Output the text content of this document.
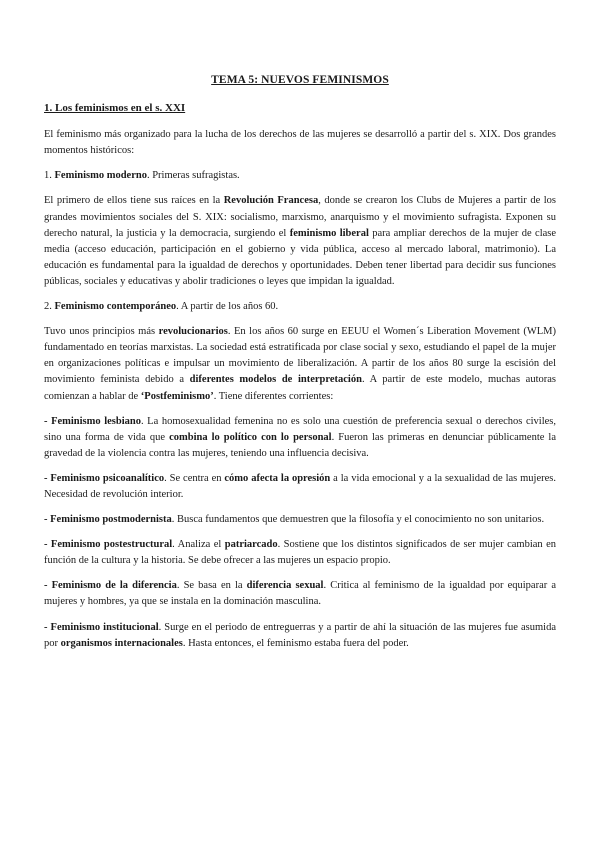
TEMA 5: NUEVOS FEMINISMOS
1. Los feminismos en el s. XXI

El feminismo más organizado para la lucha de los derechos de las mujeres se desarrolló a partir del s. XIX. Dos grandes momentos históricos:

1. Feminismo moderno. Primeras sufragistas.

El primero de ellos tiene sus raíces en la Revolución Francesa, donde se crearon los Clubs de Mujeres a partir de los grandes movimientos sociales del S. XIX: socialismo, marxismo, anarquismo y el movimiento sufragista. Exponen su derecho natural, la justicia y la democracia, surgiendo el feminismo liberal para ampliar derechos de la mujer de clase media (acceso educación, participación en el gobierno y vida pública, acceso al mercado laboral, matrimonio). La educación es fundamental para la igualdad de derechos y oportunidades. Deben tener libertad para decidir sus funciones públicas, sociales y educativas y abolir tradiciones o leyes que impidan la igualdad.

2. Feminismo contemporáneo. A partir de los años 60.

Tuvo unos principios más revolucionarios. En los años 60 surge en EEUU el Women´s Liberation Movement (WLM) fundamentado en teorías marxistas. La sociedad está estratificada por clase social y sexo, estudiando el papel de la mujer en organizaciones políticas e impulsar un movimiento de liberalización. A partir de los años 80 surge la escisión del movimiento feminista debido a diferentes modelos de interpretación. A partir de este modelo, muchas autoras comienzan a hablar de ‘Postfeminismo’. Tiene diferentes corrientes:

- Feminismo lesbiano. La homosexualidad femenina no es solo una cuestión de preferencia sexual o derechos civiles, sino una forma de vida que combina lo político con lo personal. Fueron las primeras en denunciar públicamente la gravedad de la violencia contra las mujeres, teniendo una influencia decisiva.

- Feminismo psicoanalítico. Se centra en cómo afecta la opresión a la vida emocional y a la sexualidad de las mujeres. Necesidad de revolución interior.

- Feminismo postmodernista. Busca fundamentos que demuestren que la filosofía y el conocimiento no son unitarios.

- Feminismo postestructural. Analiza el patriarcado. Sostiene que los distintos significados de ser mujer cambian en función de la cultura y la historia. Se debe ofrecer a las mujeres un espacio propio.

- Feminismo de la diferencia. Se basa en la diferencia sexual. Critica al feminismo de la igualdad por equiparar a mujeres y hombres, ya que se instala en la dominación masculina.

- Feminismo institucional. Surge en el periodo de entreguerras y a partir de ahí la situación de las mujeres fue asumida por organismos internacionales. Hasta entonces, el feminismo estaba fuera del poder.
